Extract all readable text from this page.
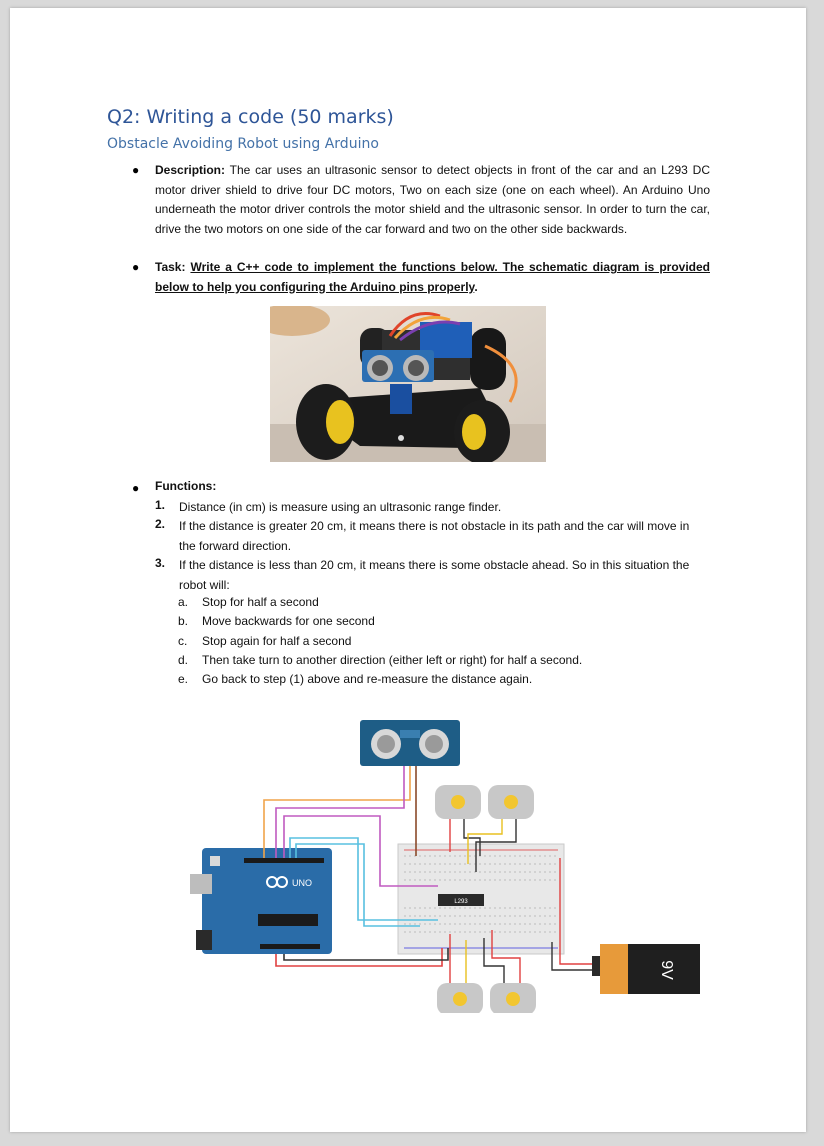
Q2: Writing a code (50 marks)
Obstacle Avoiding Robot using Arduino
● Description: The car uses an ultrasonic sensor to detect objects in front of the car and an L293 DC motor driver shield to drive four DC motors, Two on each size (one on each wheel). An Arduino Uno underneath the motor driver controls the motor shield and the ultrasonic sensor. In order to turn the car, drive the two motors on one side of the car forward and two on the other side backwards.
● Task: Write a C++ code to implement the functions below. The schematic diagram is provided below to help you configuring the Arduino pins properly.
● Functions:
1. Distance (in cm) is measure using an ultrasonic range finder.
2. If the distance is greater 20 cm, it means there is not obstacle in its path and the car will move in the forward direction.
3. If the distance is less than 20 cm, it means there is some obstacle ahead. So in this situation the robot will:
a. Stop for half a second
b. Move backwards for one second
c. Stop again for half a second
d. Then take turn to another direction (either left or right) for half a second.
e. Go back to step (1) above and re-measure the distance again.
L293
UNO
9V
